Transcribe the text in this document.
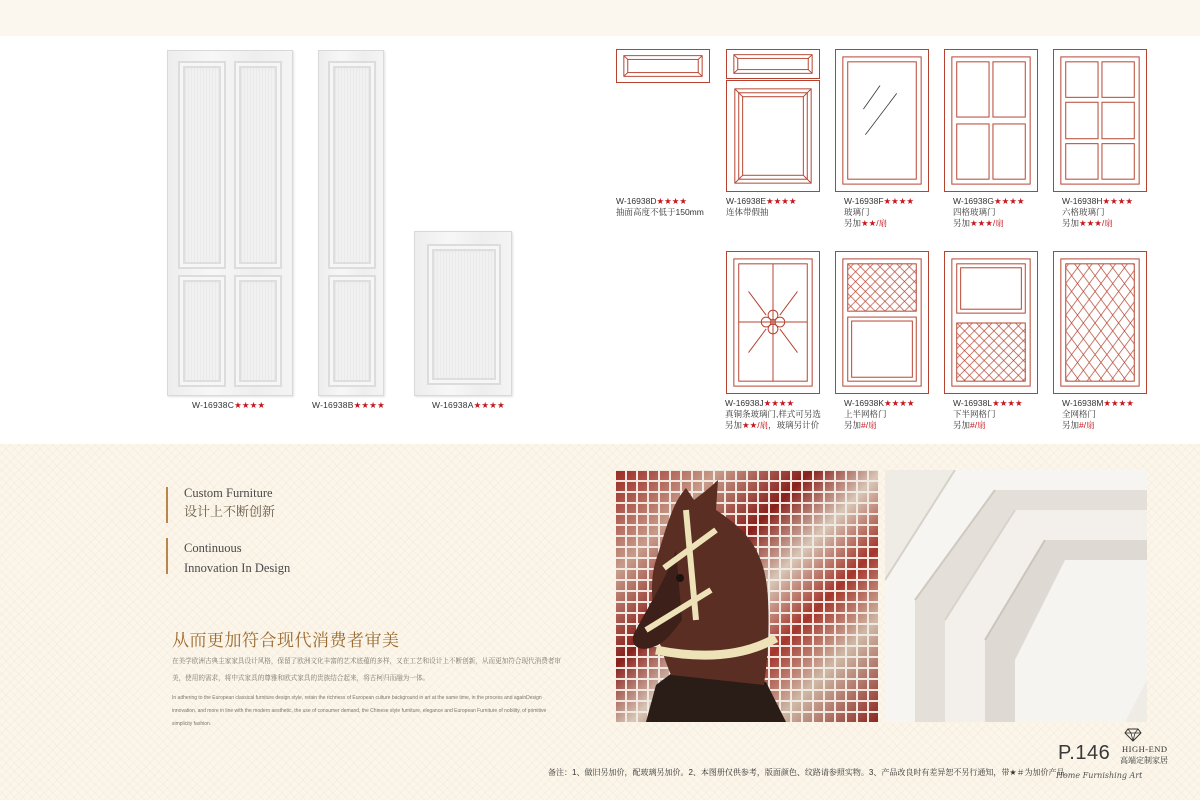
W-16938C★★★★	W-16938B★★★★	W-16938A★★★★
W-16938D★★★★
抽面高度不低于150mm
W-16938E★★★★
连体带假抽
W-16938F★★★★
玻璃门
另加★★/扇
W-16938G★★★★
四格玻璃门
另加★★★/扇
W-16938H★★★★
六格玻璃门
另加★★★/扇
W-16938J★★★★
真铜条玻璃门,样式可另选
另加★★/扇，玻璃另计价
W-16938K★★★★
上半网格门
另加#/扇
W-16938L★★★★
下半网格门
另加#/扇
W-16938M★★★★
全网格门
另加#/扇
Custom Furniture
设计上不断创新
Continuous
Innovation In Design
从而更加符合现代消费者审美
在美学欧洲古典主家家具设计风格，保留了欧洲文化丰富的艺术底蕴的多样，又在工艺和设计上不断创新，从而更加符合现代消费者审
美，使用的需求，将中式家具的尊雅和欧式家具的贵族结合起来，将古柯归而融为一体。
In adhering to the European classical furniture design style, retain the richness of European culture background in art at the same time, in the process and againDesign
innovation, and more in line with the modern aesthetic, the use of consumer demand, the Chinese style furniture, elegance and European Furniture of nobility, of primitive
simplicity fashion.
备注：1、做旧另加价，配玻璃另加价。2、本图册仅供参考，版面颜色、纹路请参照实物。3、产品改良时有差异恕不另行通知，带★＃为加价产品。
P.146 HIGH-END
高端定制家居
Home Furnishing Art
